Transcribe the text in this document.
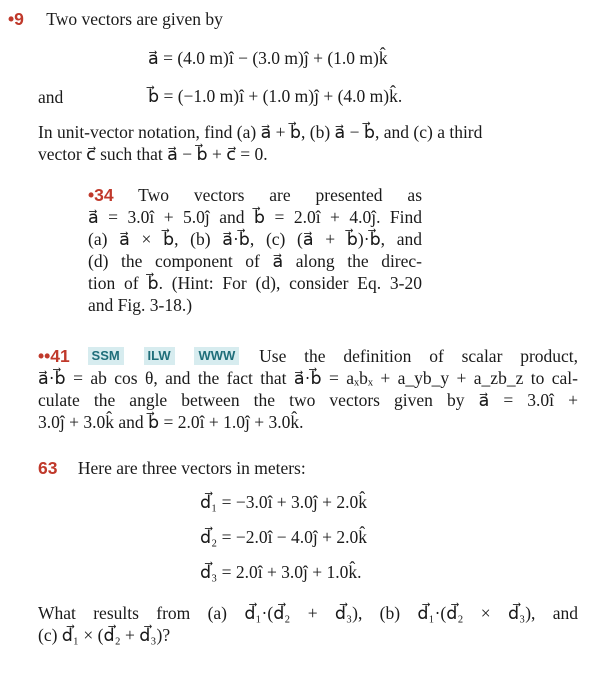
•9 Two vectors are given by
a⃗ = (4.0 m)î − (3.0 m)ĵ + (1.0 m)k̂
and	b⃗ = (−1.0 m)î + (1.0 m)ĵ + (4.0 m)k̂.
In unit-vector notation, find (a) a⃗ + b⃗, (b) a⃗ − b⃗, and (c) a third
vector c⃗ such that a⃗ − b⃗ + c⃗ = 0.

•34 Two vectors are presented as

a⃗ = 3.0î + 5.0ĵ and b⃗ = 2.0î + 4.0ĵ. Find

(a) a⃗ × b⃗, (b) a⃗·b⃗, (c) (a⃗ + b⃗)·b⃗, and

(d) the component of a⃗ along the direc-

tion of b⃗. (Hint: For (d), consider Eq. 3-20

and Fig. 3-18.)

••41 SSM ILW WWW Use the definition of scalar product,

a⃗·b⃗ = ab cos θ, and the fact that a⃗·b⃗ = aₓbₓ + a_yb_y + a_zb_z to cal-

culate the angle between the two vectors given by a⃗ = 3.0î +

3.0ĵ + 3.0k̂ and b⃗ = 2.0î + 1.0ĵ + 3.0k̂.

63 Here are three vectors in meters:
d⃗₁ = −3.0î + 3.0ĵ + 2.0k̂
d⃗₂ = −2.0î − 4.0ĵ + 2.0k̂
d⃗₃ = 2.0î + 3.0ĵ + 1.0k̂.

What results from (a) d⃗₁·(d⃗₂ + d⃗₃), (b) d⃗₁·(d⃗₂ × d⃗₃), and

(c) d⃗₁ × (d⃗₂ + d⃗₃)?
